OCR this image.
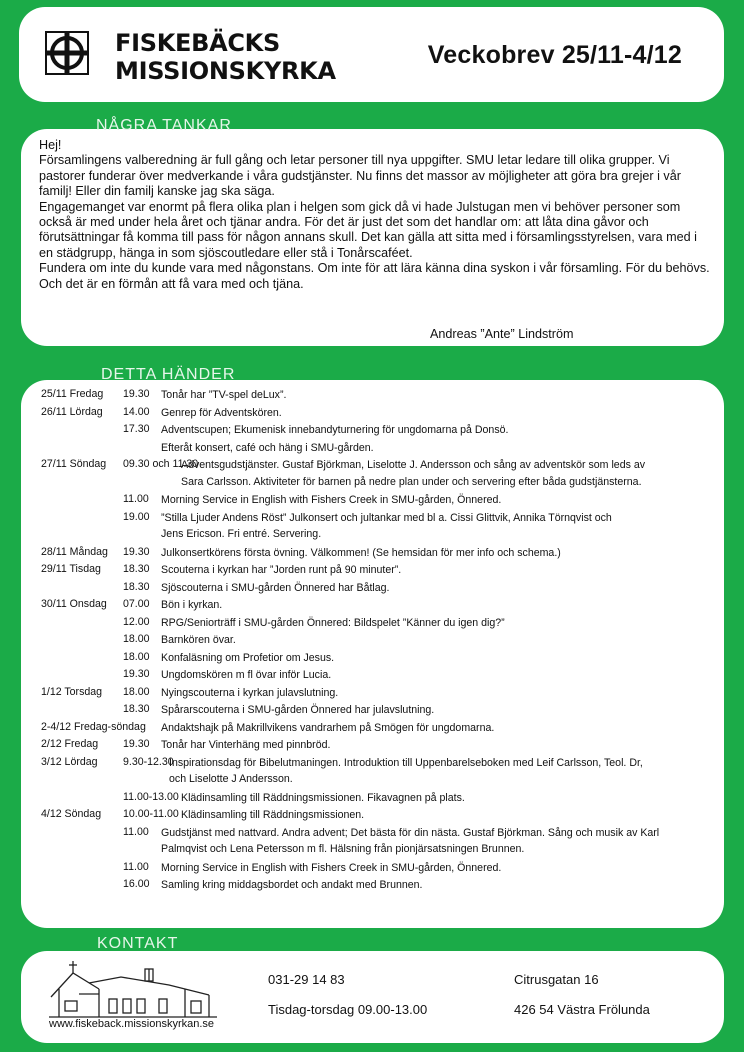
FISKEBÄCKS
MISSIONSKYRKA
Veckobrev 25/11-4/12

Hej!

Församlingens valberedning är full gång och letar personer till nya uppgifter. SMU letar ledare till olika grupper. Vi pastorer funderar över medverkande i våra gudstjänster. Nu finns det massor av möjligheter att göra bra grejer i vår familj! Eller din familj kanske jag ska säga.

Engagemanget var enormt på flera olika plan i helgen som gick då vi hade Julstugan men vi behöver personer som också är med under hela året och tjänar andra. För det är just det som det handlar om: att låta dina gåvor och förutsättningar få komma till pass för någon annans skull. Det kan gälla att sitta med i församlingsstyrelsen, vara med i en städgrupp, hänga in som sjöscoutledare eller stå i Tonårscaféet.

Fundera om inte du kunde vara med någonstans. Om inte för att lära känna dina syskon i vår församling. För du behövs.

Och det är en förmån att få vara med och tjäna.

Andreas ”Ante” Lindström
NÅGRA TANKAR
25/11 Fredag 19.30 Tonår har ”TV-spel deLux”.
26/11 Lördag 14.00 Genrep för Adventskören.
17.30 Adventscupen; Ekumenisk innebandyturnering för ungdomarna på Donsö.
Efteråt konsert, café och häng i SMU-gården.
27/11 Söndag 09.30 och 11.30
Adventsgudstjänster. Gustaf Björkman, Liselotte J. Andersson och sång av adventskör som leds av
Sara Carlsson. Aktiviteter för barnen på nedre plan under och servering efter båda gudstjänsterna.
11.00 Morning Service in English with Fishers Creek in SMU-gården, Önnered.
19.00 ”Stilla Ljuder Andens Röst” Julkonsert och jultankar med bl a. Cissi Glittvik, Annika Törnqvist och
Jens Ericson. Fri entré. Servering.
28/11 Måndag 19.30 Julkonsertkörens första övning. Välkommen! (Se hemsidan för mer info och schema.)
29/11 Tisdag 18.30 Scouterna i kyrkan har ”Jorden runt på 90 minuter”.
18.30 Sjöscouterna i SMU-gården Önnered har Båtlag.
30/11 Onsdag 07.00 Bön i kyrkan.
12.00 RPG/Seniorträff i SMU-gården Önnered: Bildspelet ”Känner du igen dig?”
18.00 Barnkören övar.
18.00 Konfaläsning om Profetior om Jesus.
19.30 Ungdomskören m fl övar inför Lucia.
1/12 Torsdag 18.00 Nyingscouterna i kyrkan julavslutning.
18.30 Spårarscouterna i SMU-gården Önnered har julavslutning.
2-4/12 Fredag-söndag Andaktshajk på Makrillvikens vandrarhem på Smögen för ungdomarna.
2/12 Fredag 19.30 Tonår har Vinterhäng med pinnbröd.
3/12 Lördag 9.30-12.30
Inspirationsdag för Bibelutmaningen. Introduktion till Uppenbarelseboken med Leif Carlsson, Teol. Dr,
och Liselotte J Andersson.
11.00-13.00 Klädinsamling till Räddningsmissionen. Fikavagnen på plats.
4/12 Söndag 10.00-11.00 Klädinsamling till Räddningsmissionen.
11.00 Gudstjänst med nattvard. Andra advent; Det bästa för din nästa. Gustaf Björkman. Sång och musik av Karl
Palmqvist och Lena Petersson m fl. Hälsning från pionjärsatsningen Brunnen.
11.00 Morning Service in English with Fishers Creek in SMU-gården, Önnered.
16.00 Samling kring middagsbordet och andakt med Brunnen.
DETTA HÄNDER
www.fiskeback.missionskyrkan.se
031-29 14 83
Tisdag-torsdag 09.00-13.00
Citrusgatan 16
426 54 Västra Frölunda
KONTAKT
